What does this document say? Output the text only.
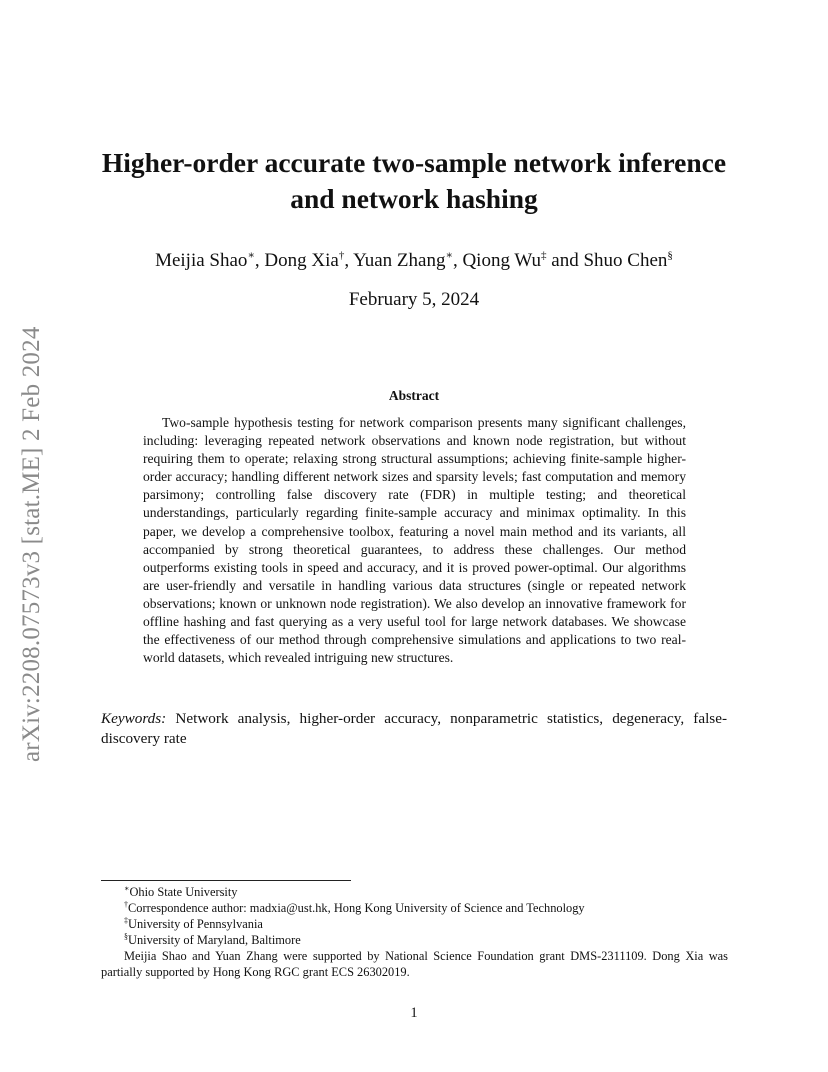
arXiv:2208.07573v3 [stat.ME] 2 Feb 2024
Higher-order accurate two-sample network inference
and network hashing
Meijia Shao∗, Dong Xia†, Yuan Zhang∗, Qiong Wu‡ and Shuo Chen§
February 5, 2024
Abstract

Two-sample hypothesis testing for network comparison presents many significant challenges, including: leveraging repeated network observations and known node registration, but without requiring them to operate; relaxing strong structural assumptions; achieving finite-sample higher-order accuracy; handling different network sizes and sparsity levels; fast computation and memory parsimony; controlling false discovery rate (FDR) in multiple testing; and theoretical understandings, particularly regarding finite-sample accuracy and minimax optimality. In this paper, we develop a comprehensive toolbox, featuring a novel main method and its variants, all accompanied by strong theoretical guarantees, to address these challenges. Our method outperforms existing tools in speed and accuracy, and it is proved power-optimal. Our algorithms are user-friendly and versatile in handling various data structures (single or repeated network observations; known or unknown node registration). We also develop an innovative framework for offline hashing and fast querying as a very useful tool for large network databases. We showcase the effectiveness of our method through comprehensive simulations and applications to two real-world datasets, which revealed intriguing new structures.

Keywords: Network analysis, higher-order accuracy, nonparametric statistics, degeneracy, false-discovery rate

∗Ohio State University

†Correspondence author: madxia@ust.hk, Hong Kong University of Science and Technology

‡University of Pennsylvania

§University of Maryland, Baltimore

Meijia Shao and Yuan Zhang were supported by National Science Foundation grant DMS-2311109. Dong Xia was partially supported by Hong Kong RGC grant ECS 26302019.

1
